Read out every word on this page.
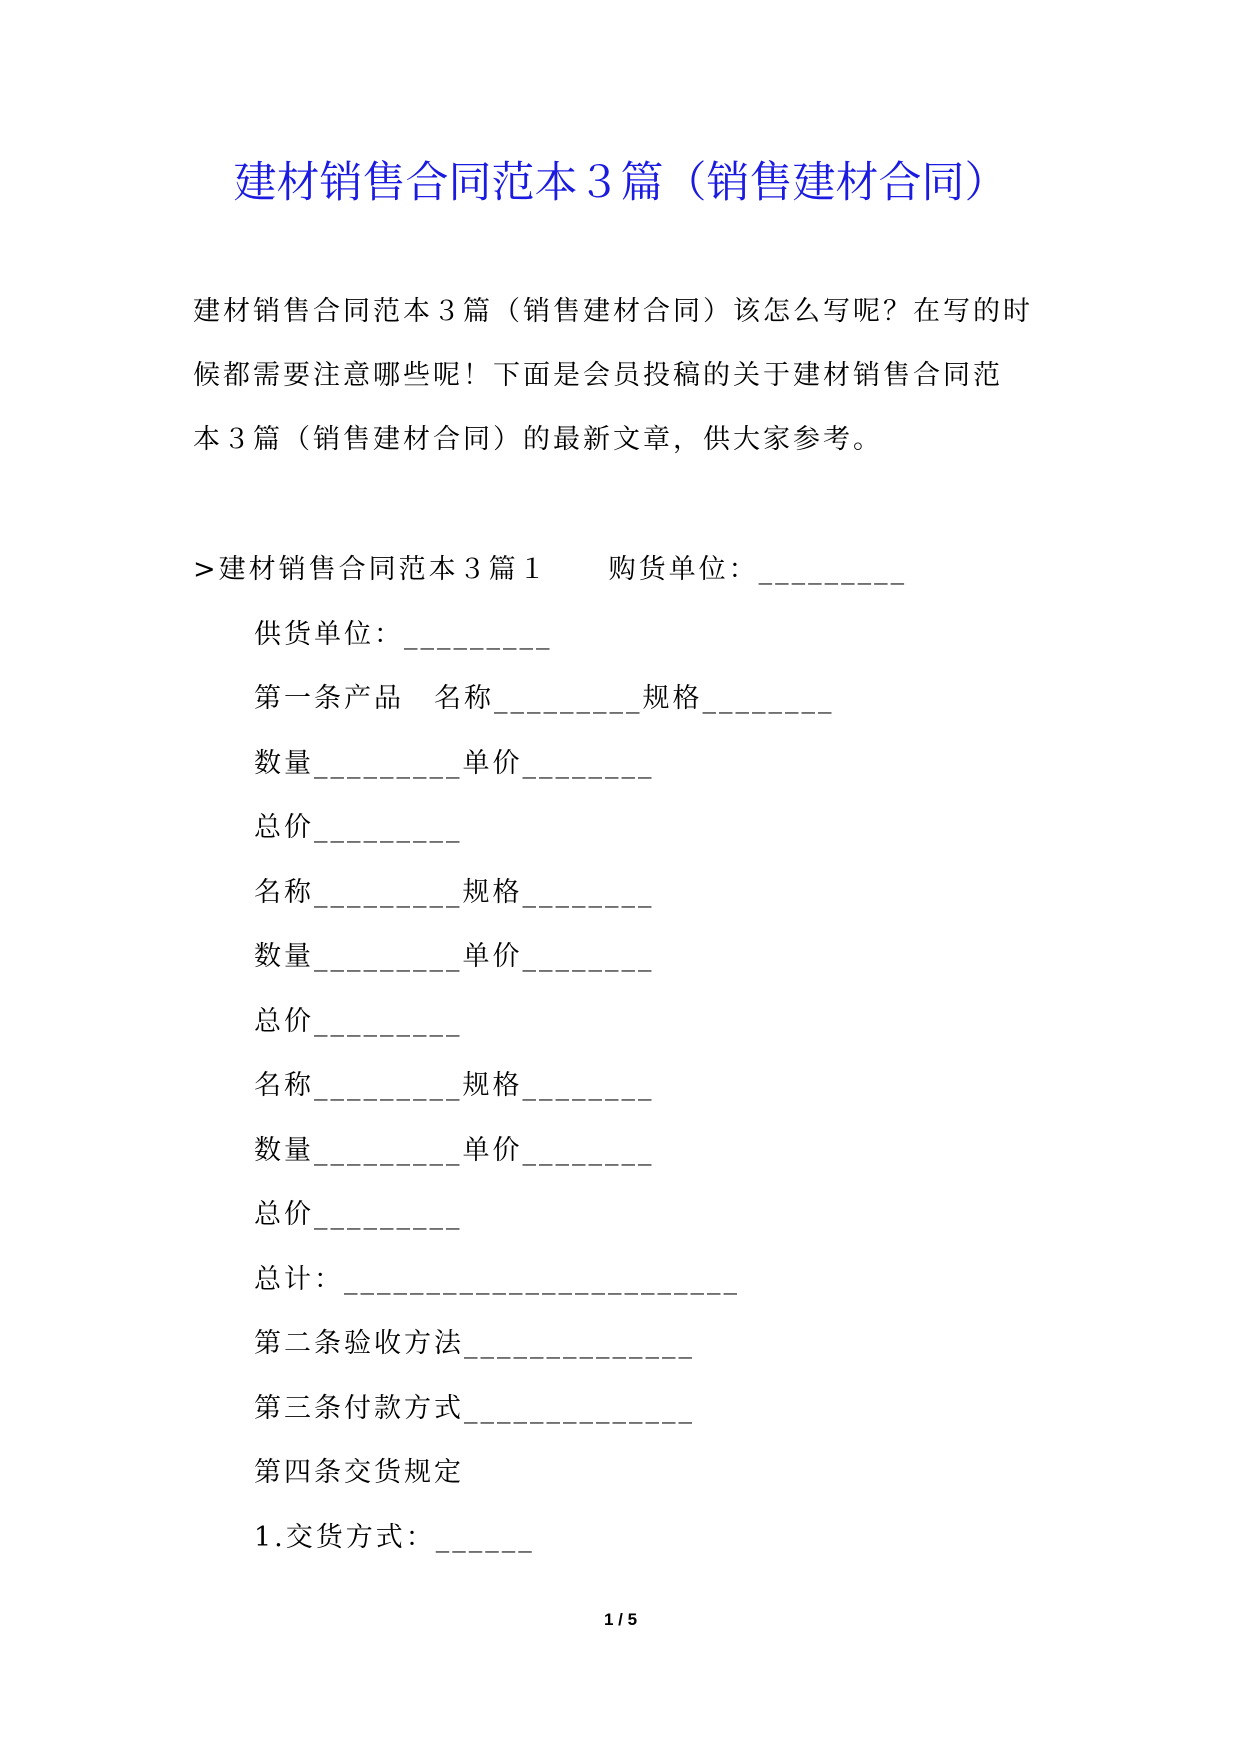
建材销售合同范本３篇（销售建材合同）
建材销售合同范本３篇（销售建材合同）该怎么写呢？在写的时
候都需要注意哪些呢！下面是会员投稿的关于建材销售合同范
本３篇（销售建材合同）的最新文章，供大家参考。
>建材销售合同范本３篇１　　购货单位：_________
供货单位：_________
第一条产品　名称_________规格________
数量_________单价________
总价_________
名称_________规格________
数量_________单价________
总价_________
名称_________规格________
数量_________单价________
总价_________
总计：________________________
第二条验收方法______________
第三条付款方式______________
第四条交货规定
1.交货方式：______
1 / 5
